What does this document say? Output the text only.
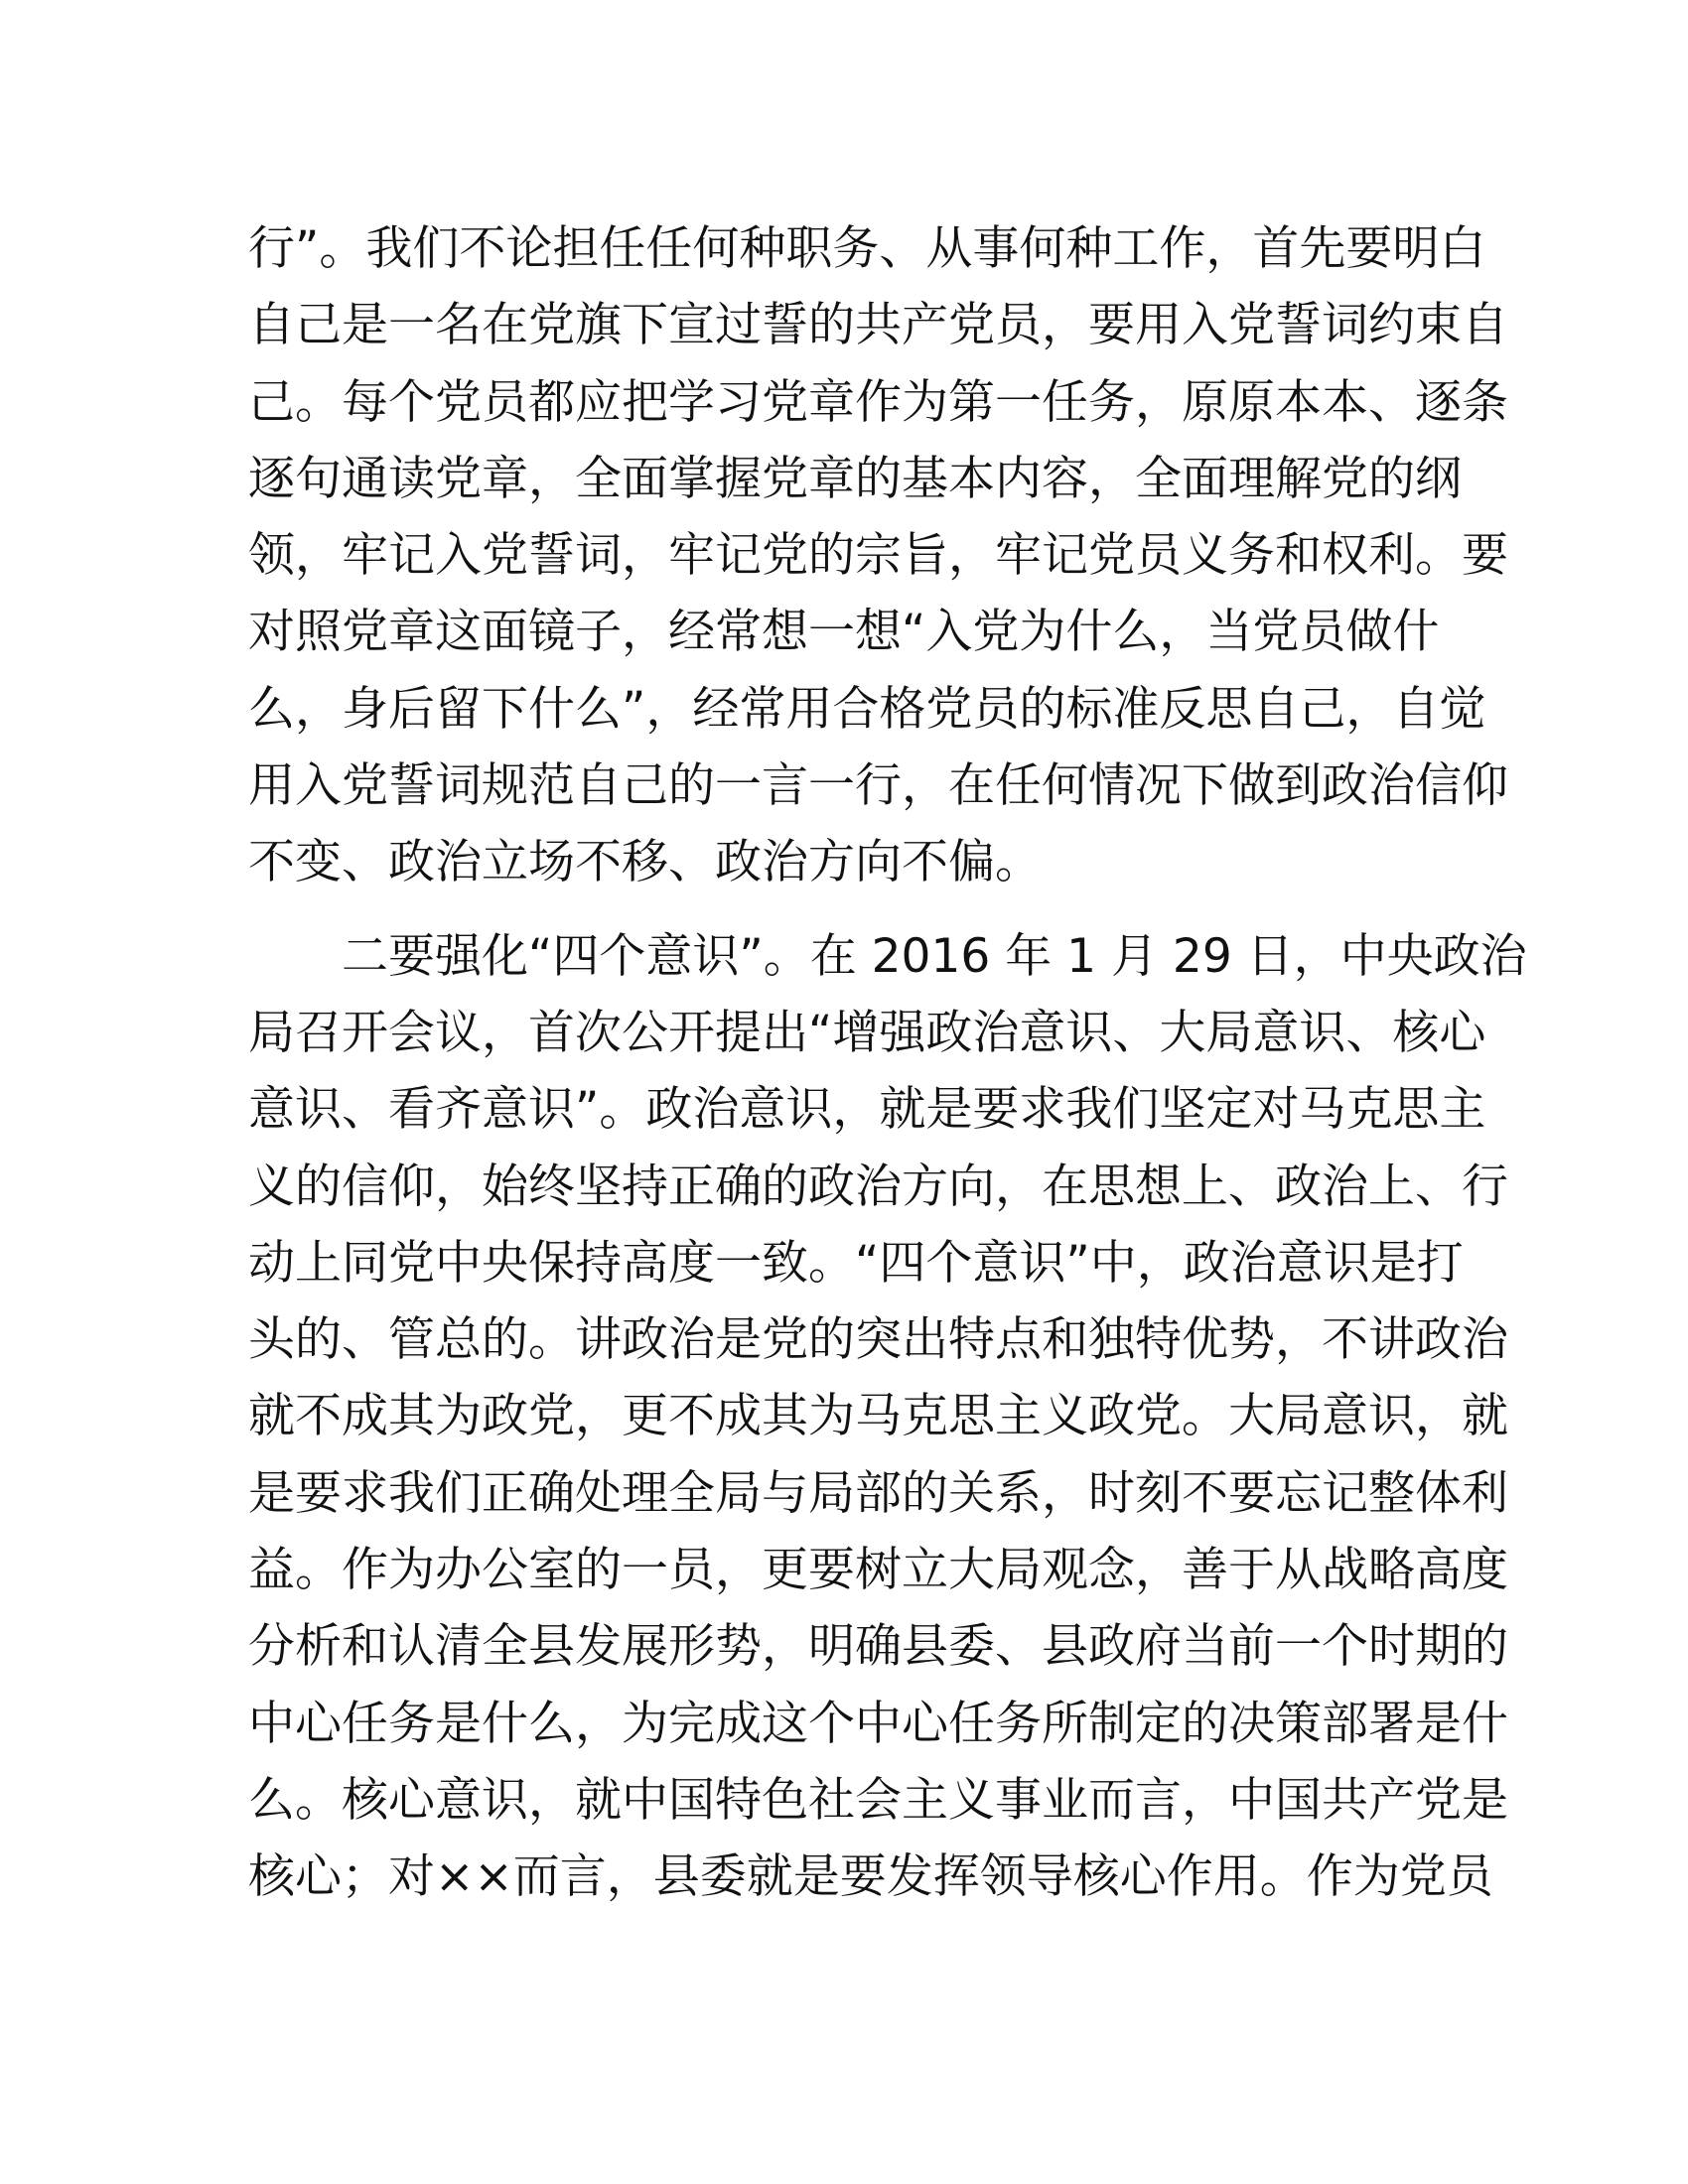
行”。我们不论担任任何种职务、从事何种工作，首先要明白
自己是一名在党旗下宣过誓的共产党员，要用入党誓词约束自
己。每个党员都应把学习党章作为第一任务，原原本本、逐条
逐句通读党章，全面掌握党章的基本内容，全面理解党的纲
领，牢记入党誓词，牢记党的宗旨，牢记党员义务和权利。要
对照党章这面镜子，经常想一想“入党为什么，当党员做什
么，身后留下什么”，经常用合格党员的标准反思自己，自觉
用入党誓词规范自己的一言一行，在任何情况下做到政治信仰
不变、政治立场不移、政治方向不偏。
二要强化“四个意识”。在 2016 年 1 月 29 日，中央政治
局召开会议，首次公开提出“增强政治意识、大局意识、核心
意识、看齐意识”。政治意识，就是要求我们坚定对马克思主
义的信仰，始终坚持正确的政治方向，在思想上、政治上、行
动上同党中央保持高度一致。“四个意识”中，政治意识是打
头的、管总的。讲政治是党的突出特点和独特优势，不讲政治
就不成其为政党，更不成其为马克思主义政党。大局意识，就
是要求我们正确处理全局与局部的关系，时刻不要忘记整体利
益。作为办公室的一员，更要树立大局观念，善于从战略高度
分析和认清全县发展形势，明确县委、县政府当前一个时期的
中心任务是什么，为完成这个中心任务所制定的决策部署是什
么。核心意识，就中国特色社会主义事业而言，中国共产党是
核心；对××而言，县委就是要发挥领导核心作用。作为党员
